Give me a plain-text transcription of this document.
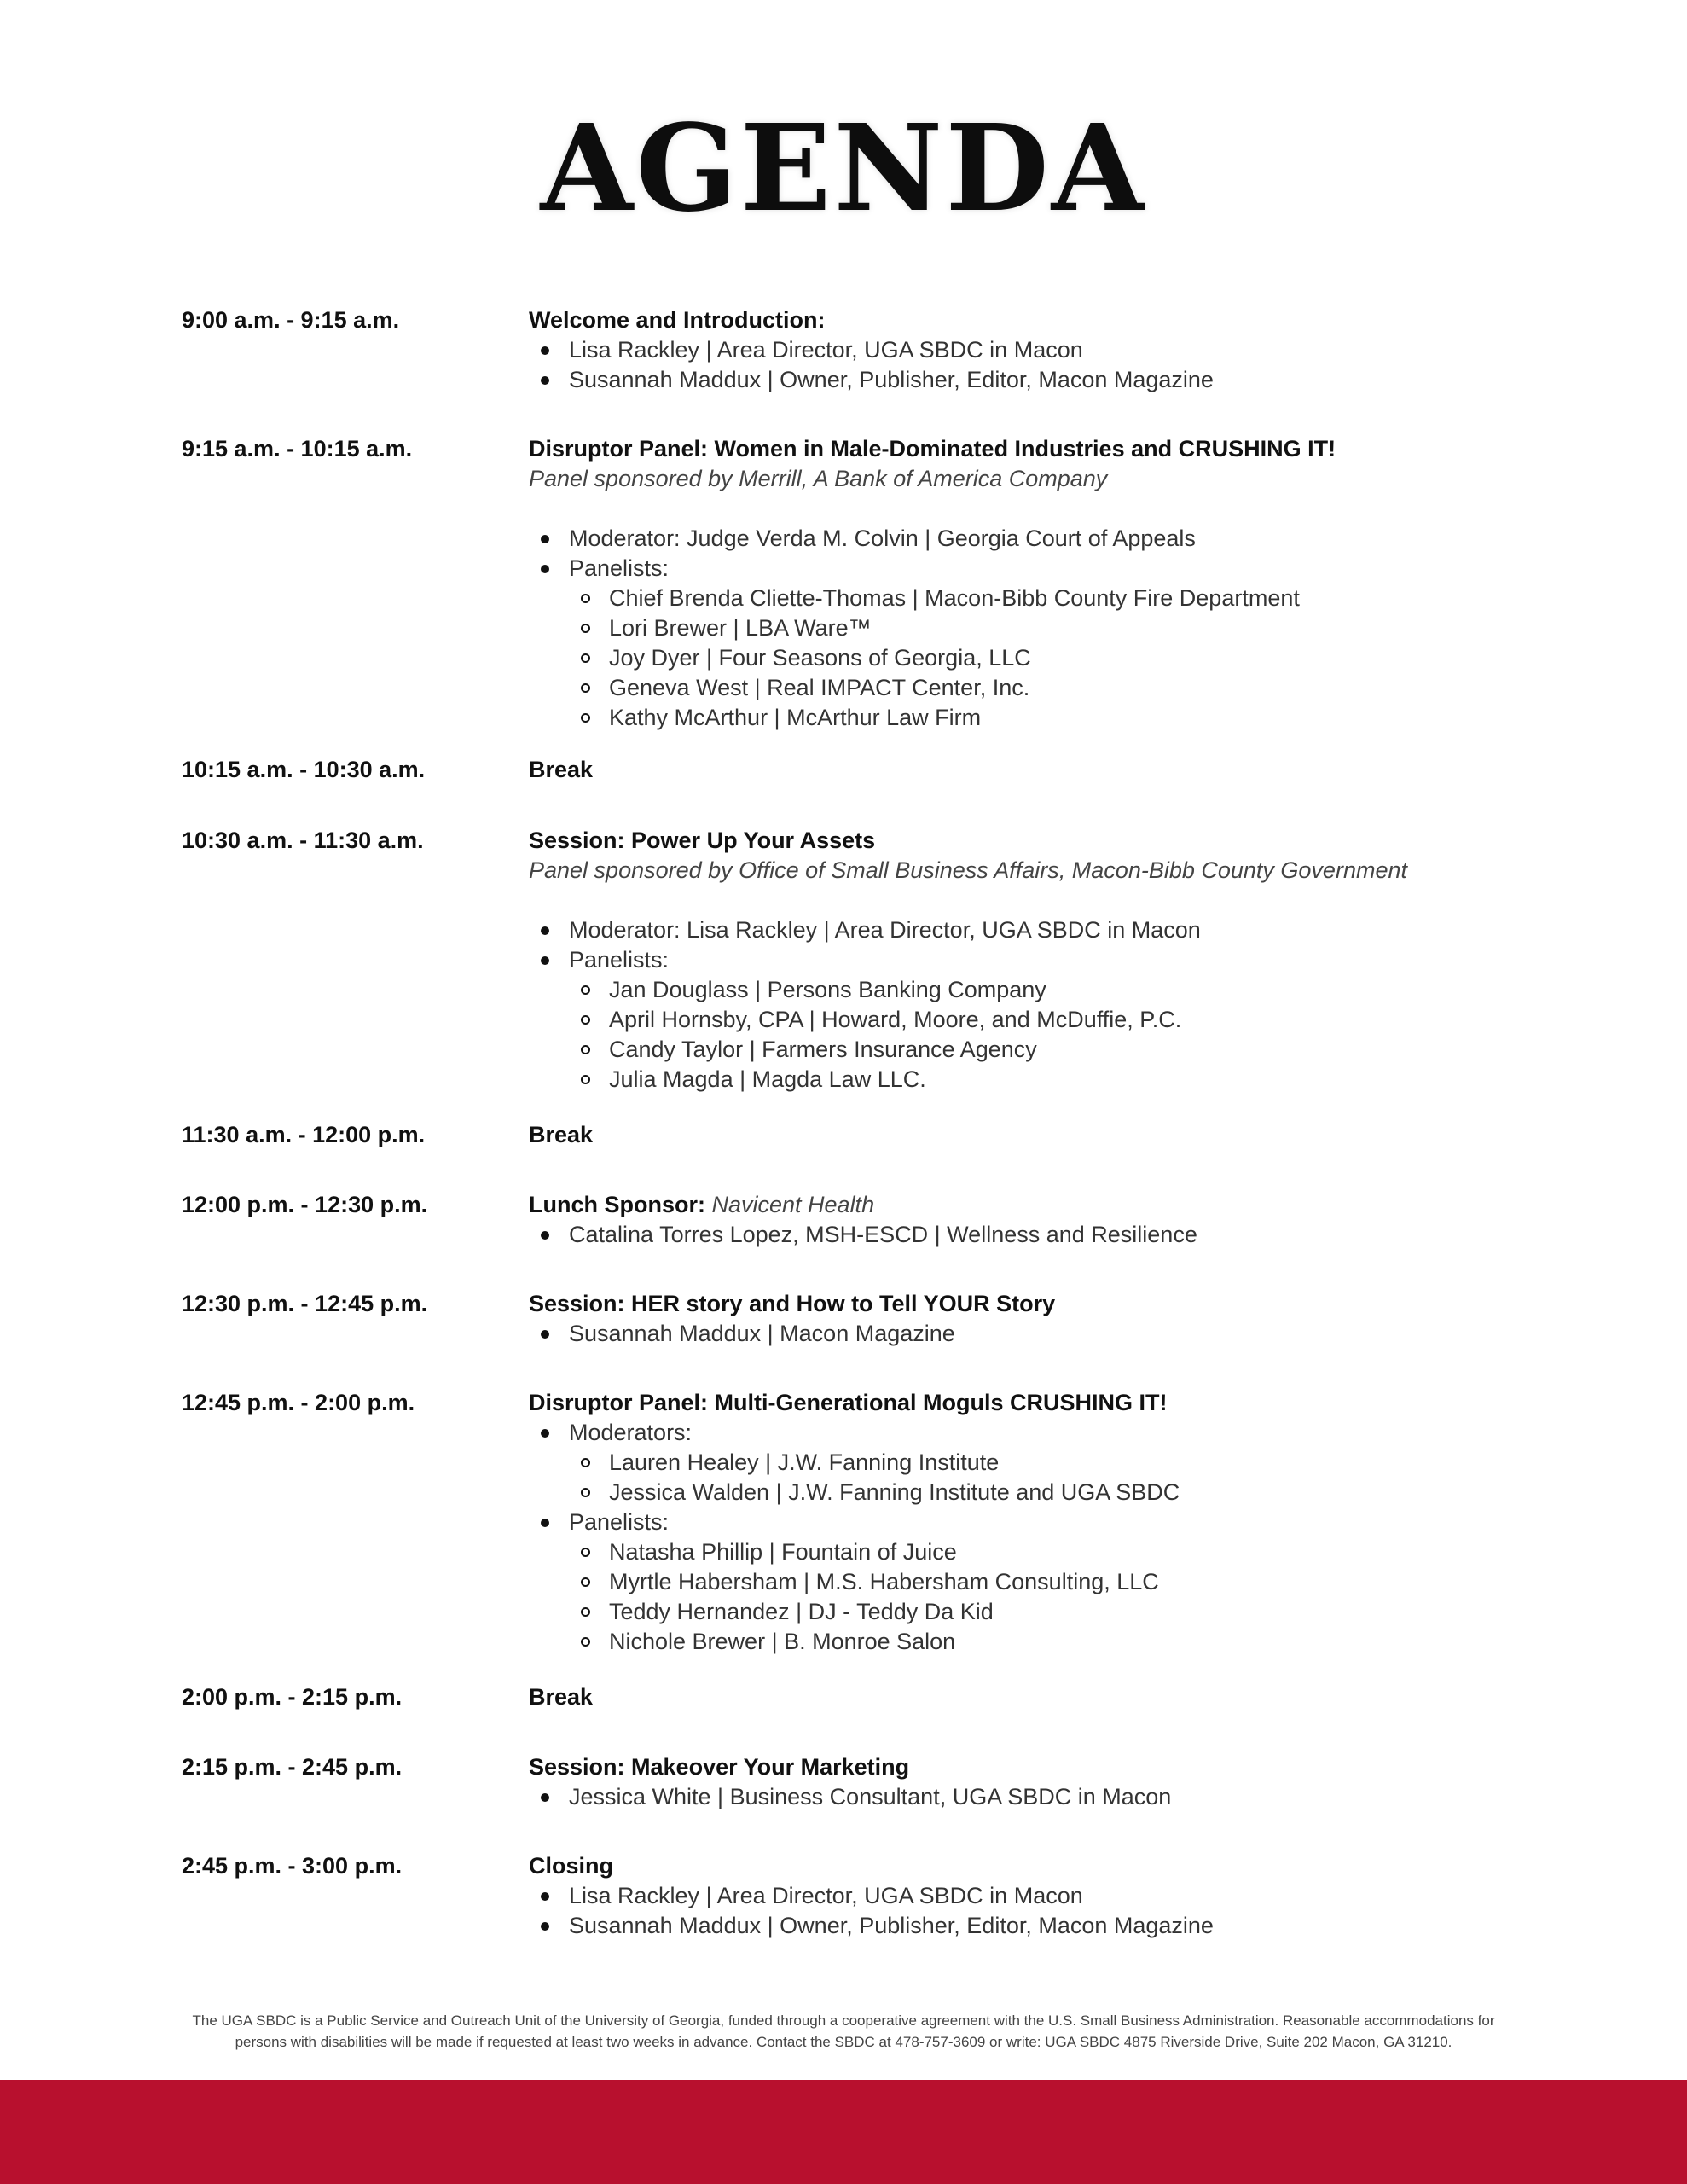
AGENDA
9:00 a.m. - 9:15 a.m.	Welcome and Introduction:
Lisa Rackley | Area Director, UGA SBDC in Macon
Susannah Maddux | Owner, Publisher, Editor, Macon Magazine
9:15 a.m. - 10:15 a.m.	Disruptor Panel: Women in Male-Dominated Industries and CRUSHING IT!
Panel sponsored by Merrill, A Bank of America Company
Moderator: Judge Verda M. Colvin | Georgia Court of Appeals
Panelists:
Chief Brenda Cliette-Thomas | Macon-Bibb County Fire Department
Lori Brewer | LBA Ware™
Joy Dyer | Four Seasons of Georgia, LLC
Geneva West | Real IMPACT Center, Inc.
Kathy McArthur | McArthur Law Firm
10:15 a.m. - 10:30 a.m.	Break
10:30 a.m. - 11:30 a.m.	Session: Power Up Your Assets
Panel sponsored by Office of Small Business Affairs, Macon-Bibb County Government
Moderator: Lisa Rackley | Area Director, UGA SBDC in Macon
Panelists:
Jan Douglass | Persons Banking Company
April Hornsby, CPA | Howard, Moore, and McDuffie, P.C.
Candy Taylor | Farmers Insurance Agency
Julia Magda | Magda Law LLC.
11:30 a.m. - 12:00 p.m.	Break
12:00 p.m. - 12:30 p.m.	Lunch Sponsor: Navicent Health
Catalina Torres Lopez, MSH-ESCD | Wellness and Resilience
12:30 p.m. - 12:45 p.m.	Session: HER story and How to Tell YOUR Story
Susannah Maddux | Macon Magazine
12:45 p.m. - 2:00 p.m.	Disruptor Panel: Multi-Generational Moguls CRUSHING IT!
Moderators:
Lauren Healey | J.W. Fanning Institute
Jessica Walden | J.W. Fanning Institute and UGA SBDC
Panelists:
Natasha Phillip | Fountain of Juice
Myrtle Habersham | M.S. Habersham Consulting, LLC
Teddy Hernandez | DJ - Teddy Da Kid
Nichole Brewer | B. Monroe Salon
2:00 p.m. - 2:15 p.m.	Break
2:15 p.m. - 2:45 p.m.	Session: Makeover Your Marketing
Jessica White | Business Consultant, UGA SBDC in Macon
2:45 p.m. - 3:00 p.m.	Closing
Lisa Rackley | Area Director, UGA SBDC in Macon
Susannah Maddux | Owner, Publisher, Editor, Macon Magazine
The UGA SBDC is a Public Service and Outreach Unit of the University of Georgia, funded through a cooperative agreement with the U.S. Small Business Administration. Reasonable accommodations for
persons with disabilities will be made if requested at least two weeks in advance. Contact the SBDC at 478-757-3609 or write: UGA SBDC 4875 Riverside Drive, Suite 202 Macon, GA 31210.
